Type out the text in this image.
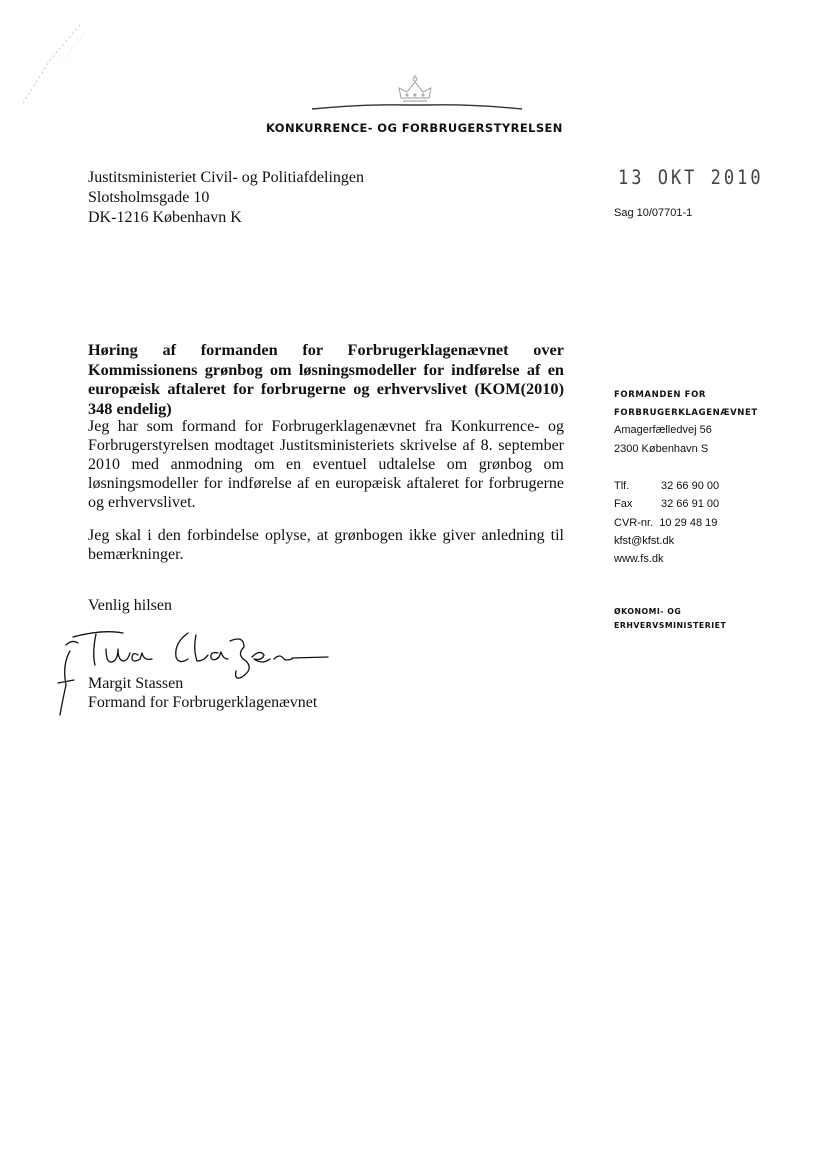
KONKURRENCE- OG FORBRUGERSTYRELSEN
Justitsministeriet Civil- og Politiafdelingen
Slotsholmsgade 10
DK-1216 København K
13 OKT 2010
Sag 10/07701-1
Høring af formanden for Forbrugerklagenævnet over Kommissionens grønbog om løsningsmodeller for indførelse af en europæisk aftaleret for forbrugerne og erhvervslivet (KOM(2010) 348 endelig)
Jeg har som formand for Forbrugerklagenævnet fra Konkurrence- og Forbrugerstyrelsen modtaget Justitsministeriets skrivelse af 8. september 2010 med anmodning om en eventuel udtalelse om grønbog om løsningsmodeller for indførelse af en europæisk aftaleret for forbrugerne og erhvervslivet.
Jeg skal i den forbindelse oplyse, at grønbogen ikke giver anledning til bemærkninger.
Venlig hilsen
Margit Stassen
Formand for Forbrugerklagenævnet
FORMANDEN FOR
FORBRUGERKLAGENÆVNET
Amagerfælledvej 56
2300 København S
Tlf.	32 66 90 00
Fax	32 66 91 00
CVR-nr. 10 29 48 19
kfst@kfst.dk
www.fs.dk
ØKONOMI- OG
ERHVERVSMINISTERIET
